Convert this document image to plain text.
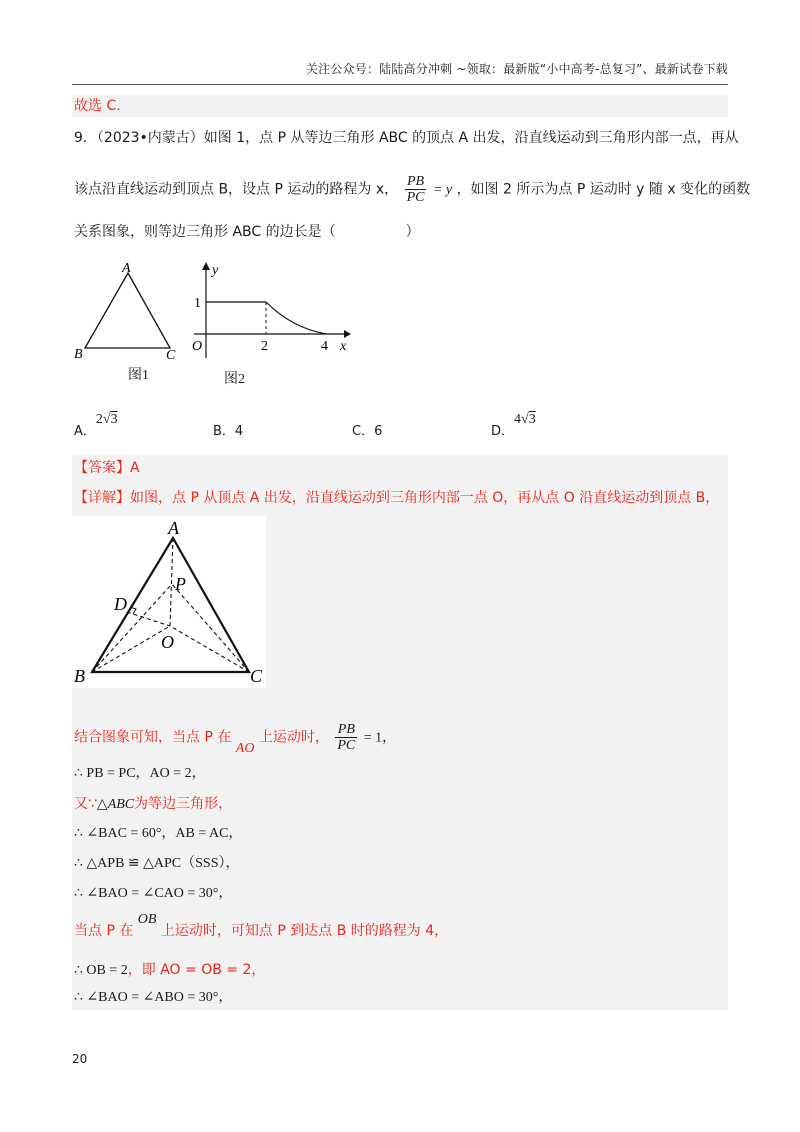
关注公众号：陆陆高分冲刺 ~领取：最新版“小中高考-总复习”、最新试卷下载
故选 C.
9．（2023•内蒙古）如图 1，点 P 从等边三角形 ABC 的顶点 A 出发，沿直线运动到三角形内部一点，再从
该点沿直线运动到顶点 B，设点 P 运动的路程为 x， $\frac{PB}{PC} = y$ ，如图 2 所示为点 P 运动时 y 随 x 变化的函数
关系图象，则等边三角形 ABC 的边长是（　　　　　）
A
B	C
图1
y
x
O
1
2	4
图2
A．2√3
B．4	C．6	D．4√3
【答案】A
【详解】如图，点 P 从顶点 A 出发，沿直线运动到三角形内部一点 O，再从点 O 沿直线运动到顶点 B，
A
B	C
D
P
O
结合图象可知，当点 P 在 AO 上运动时， $\frac{PB}{PC} = 1$，
∴ PB = PC，AO = 2，
又∵△ABC为等边三角形，
∴ ∠BAC = 60°，AB = AC，
∴ △APB ≌ △APC（SSS），
∴ ∠BAO = ∠CAO = 30°，
当点 P 在 OB 上运动时，可知点 P 到达点 B 时的路程为 4，
∴ OB = 2，即 AO = OB = 2，
∴ ∠BAO = ∠ABO = 30°，
20
